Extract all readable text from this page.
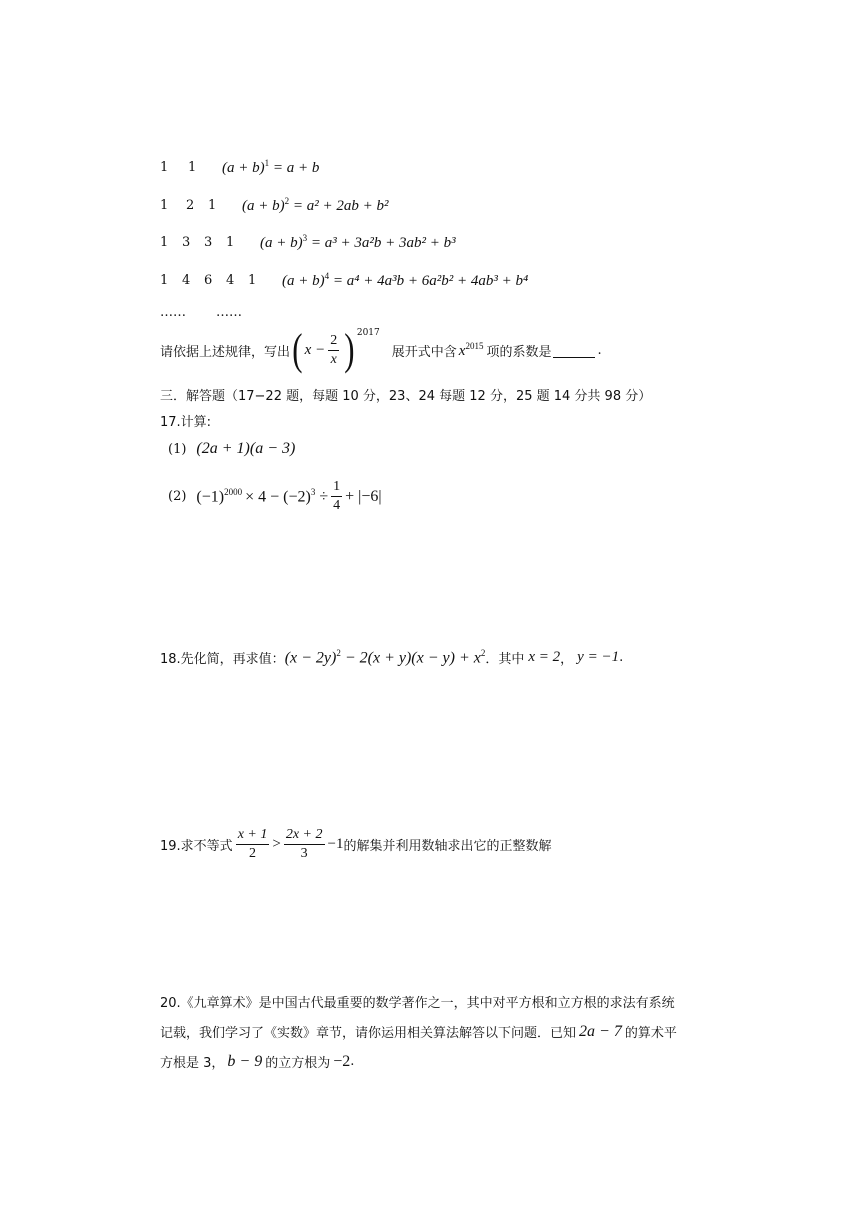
1	1	$(a + b)^1 = a + b$
1	2	1	$(a + b)^2 = a^2 + 2ab + b^2$
1	3	3	1	$(a + b)^3 = a^3 + 3a^2b + 3ab^2 + b^3$
1	4	6	4	1	$(a + b)^4 = a^4 + 4a^3b + 6a^2b^2 + 4ab^3 + b^4$
……	……
请依据上述规律，写出 ( $x - \frac{2}{x}$ ) 2017
展开式中含 $x^{2015}$ 项的系数是	.
三．解答题（17−22 题，每题 10 分，23、24 每题 12 分，25 题 14 分共 98 分）
17.计算:
(1) (2a + 1)(a − 3)
(2) $(-1)^{2000} \times 4 - (-2)^3 \div \frac{1}{4} + |-6|$
18.先化简，再求值： $(x - 2y)^2 - 2(x + y)(x - y) + x^2$ ．其中 x = 2 ， y = −1 .
19.求不等式 $\frac{x + 1}{2} > \frac{2x + 2}{3} -1$ 的解集并利用数轴求出它的正整数解
20.《九章算术》是中国古代最重要的数学著作之一，其中对平方根和立方根的求法有系统
记载，我们学习了《实数》章节，请你运用相关算法解答以下问题．已知 2a − 7 的算术平
方根是 3， b − 9 的立方根为 −2 .
